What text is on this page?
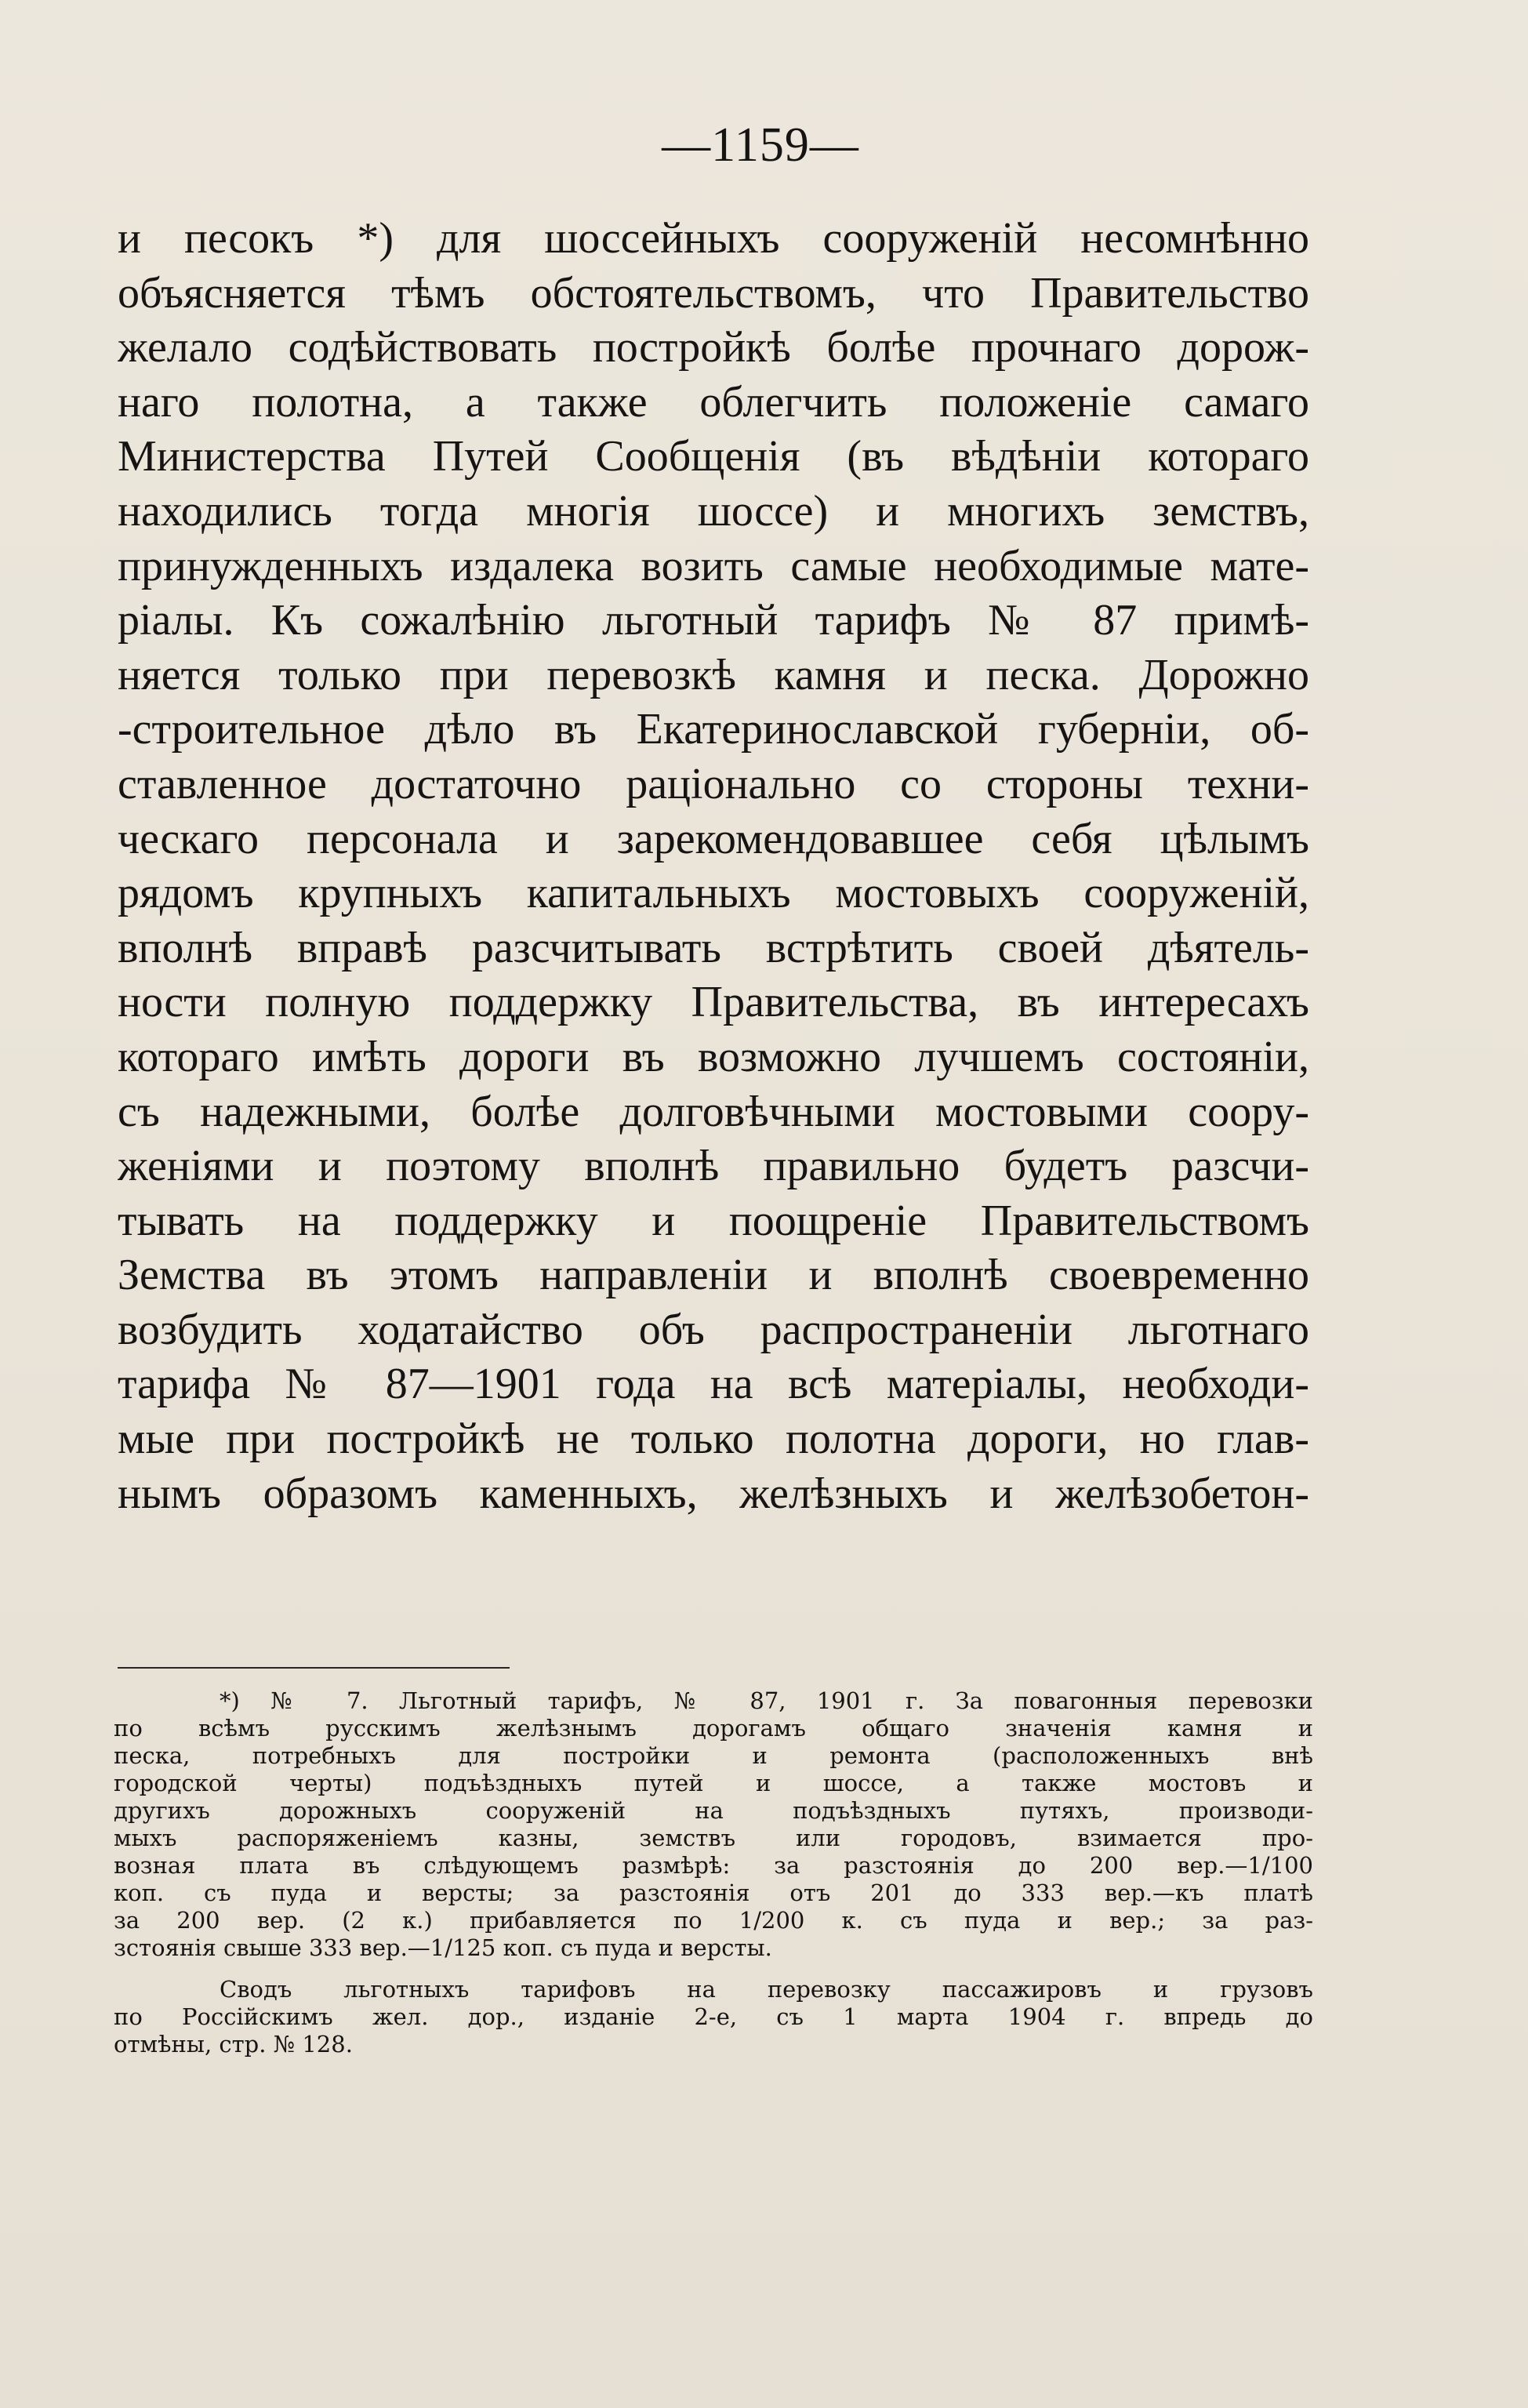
—1159—
и песокъ *) для шоссейныхъ сооруженій несомнѣнно
объясняется тѣмъ обстоятельствомъ, что Правительство
желало содѣйствовать постройкѣ болѣе прочнаго дорож-
наго полотна, а также облегчить положеніе самаго
Министерства Путей Сообщенія (въ вѣдѣніи котораго
находились тогда многія шоссе) и многихъ земствъ,
принужденныхъ издалека возить самые необходимые мате-
ріалы. Къ сожалѣнію льготный тарифъ № 87 примѣ-
няется только при перевозкѣ камня и песка. Дорожно
-строительное дѣло въ Екатеринославской губерніи, об-
ставленное достаточно раціонально со стороны техни-
ческаго персонала и зарекомендовавшее себя цѣлымъ
рядомъ крупныхъ капитальныхъ мостовыхъ сооруженій,
вполнѣ вправѣ разсчитывать встрѣтить своей дѣятель-
ности полную поддержку Правительства, въ интересахъ
котораго имѣть дороги въ возможно лучшемъ состояніи,
съ надежными, болѣе долговѣчными мостовыми соору-
женіями и поэтому вполнѣ правильно будетъ разсчи-
тывать на поддержку и поощреніе Правительствомъ
Земства въ этомъ направленіи и вполнѣ своевременно
возбудить ходатайство объ распространеніи льготнаго
тарифа № 87—1901 года на всѣ матеріалы, необходи-
мые при постройкѣ не только полотна дороги, но глав-
нымъ образомъ каменныхъ, желѣзныхъ и желѣзобетон-
*) № 7. Льготный тарифъ, № 87, 1901 г. За повагонныя перевозки
по всѣмъ русскимъ желѣзнымъ дорогамъ общаго значенія камня и
песка, потребныхъ для постройки и ремонта (расположенныхъ внѣ
городской черты) подъѣздныхъ путей и шоссе, а также мостовъ и
другихъ дорожныхъ сооруженій на подъѣздныхъ путяхъ, производи-
мыхъ распоряженіемъ казны, земствъ или городовъ, взимается про-
возная плата въ слѣдующемъ размѣрѣ: за разстоянія до 200 вер.—1/100
коп. съ пуда и версты; за разстоянія отъ 201 до 333 вер.—къ платѣ
за 200 вер. (2 к.) прибавляется по 1/200 к. съ пуда и вер.; за раз-
зстоянія свыше 333 вер.—1/125 коп. съ пуда и версты.
Сводъ льготныхъ тарифовъ на перевозку пассажировъ и грузовъ
по Россійскимъ жел. дор., изданіе 2-е, съ 1 марта 1904 г. впредь до
отмѣны, стр. № 128.
